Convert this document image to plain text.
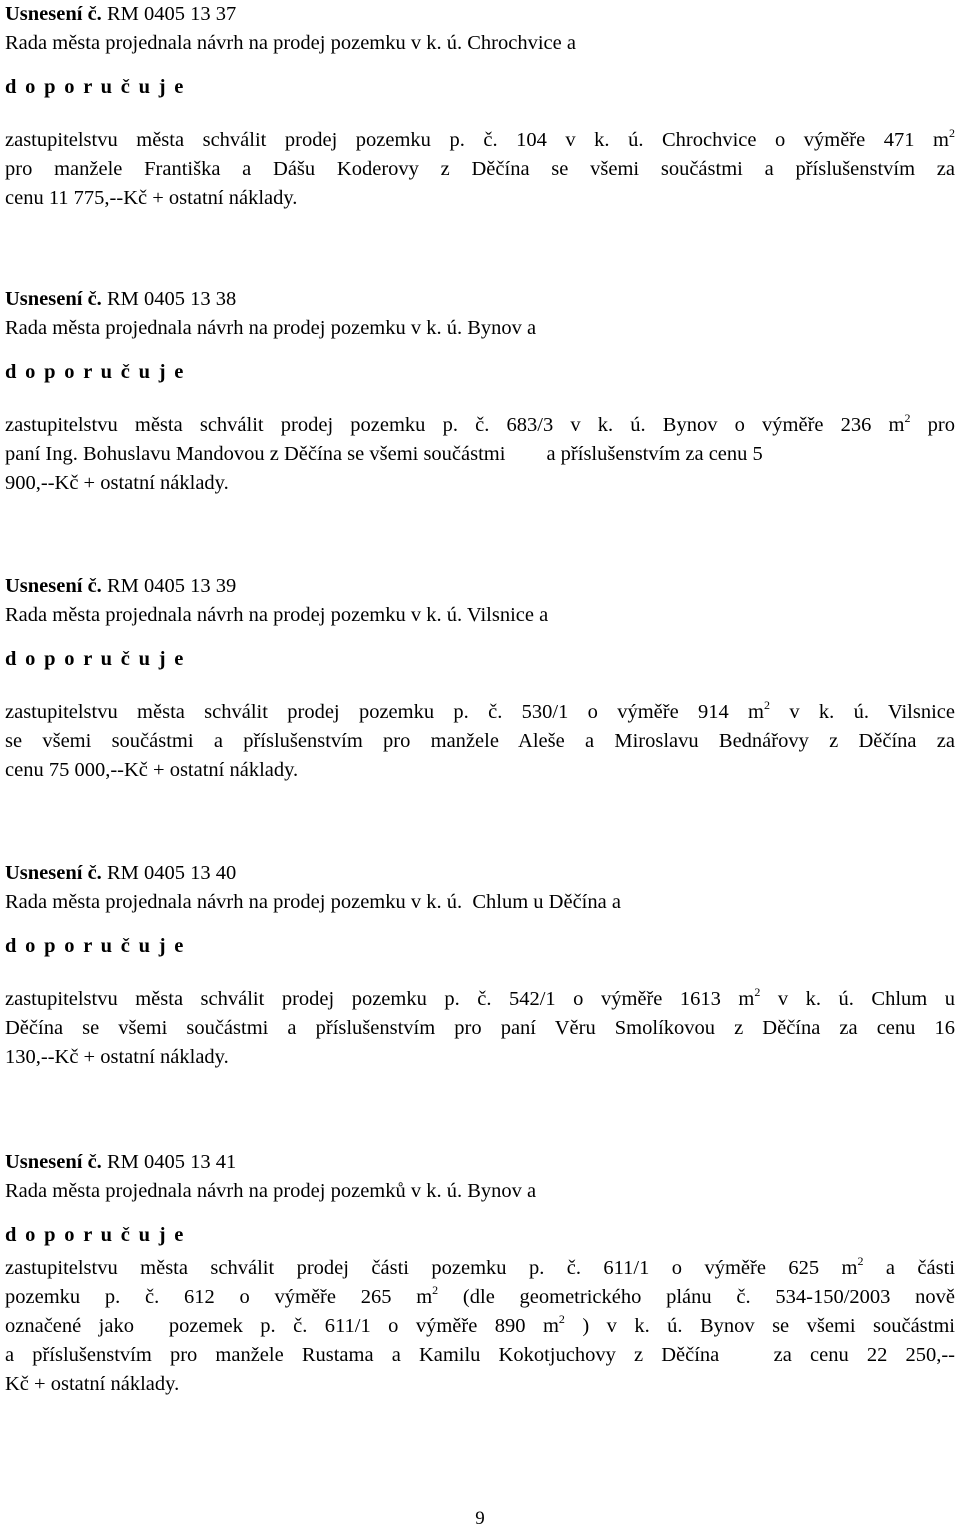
Usnesení č. RM 0405 13 37
Rada města projednala návrh na prodej pozemku v k. ú. Chrochvice a
d o p o r u č u j e
zastupitelstvu města schválit prodej pozemku p. č. 104 v k. ú. Chrochvice o výměře 471 $m^2$
pro manžele Františka a Dášu Koderovy z Děčína se všemi součástmi a příslušenstvím za
cenu 11 775,--Kč + ostatní náklady.
Usnesení č. RM 0405 13 38
Rada města projednala návrh na prodej pozemku v k. ú. Bynov a
d o p o r u č u j e
zastupitelstvu města schválit prodej pozemku p. č. 683/3 v k. ú. Bynov o výměře 236 $m^2$ pro
paní Ing. Bohuslavu Mandovou z Děčína se všemi součástmi        a příslušenstvím za cenu 5
900,--Kč + ostatní náklady.
Usnesení č. RM 0405 13 39
Rada města projednala návrh na prodej pozemku v k. ú. Vilsnice a
d o p o r u č u j e
zastupitelstvu města schválit prodej pozemku p. č. 530/1 o výměře 914 $m^2$ v k. ú. Vilsnice
se všemi součástmi a příslušenstvím pro manžele Aleše a Miroslavu Bednářovy z Děčína za
cenu 75 000,--Kč + ostatní náklady.
Usnesení č. RM 0405 13 40
Rada města projednala návrh na prodej pozemku v k. ú.  Chlum u Děčína a
d o p o r u č u j e
zastupitelstvu města schválit prodej pozemku p. č. 542/1 o výměře 1613 $m^2$ v k. ú. Chlum u
Děčína se všemi součástmi a příslušenstvím pro paní Věru Smolíkovou z Děčína za cenu 16
130,--Kč + ostatní náklady.
Usnesení č. RM 0405 13 41
Rada města projednala návrh na prodej pozemků v k. ú. Bynov a
d o p o r u č u j e
zastupitelstvu města schválit prodej části pozemku p. č. 611/1 o výměře 625 $m^2$ a části
pozemku p. č. 612 o výměře 265 $m^2$ (dle geometrického plánu č. 534-150/2003 nově
označené jako  pozemek p. č. 611/1 o výměře 890 $m^2$ ) v k. ú. Bynov se všemi součástmi
a příslušenstvím pro manžele Rustama a Kamilu Kokotjuchovy z Děčína   za cenu 22 250,--
Kč + ostatní náklady.
9
